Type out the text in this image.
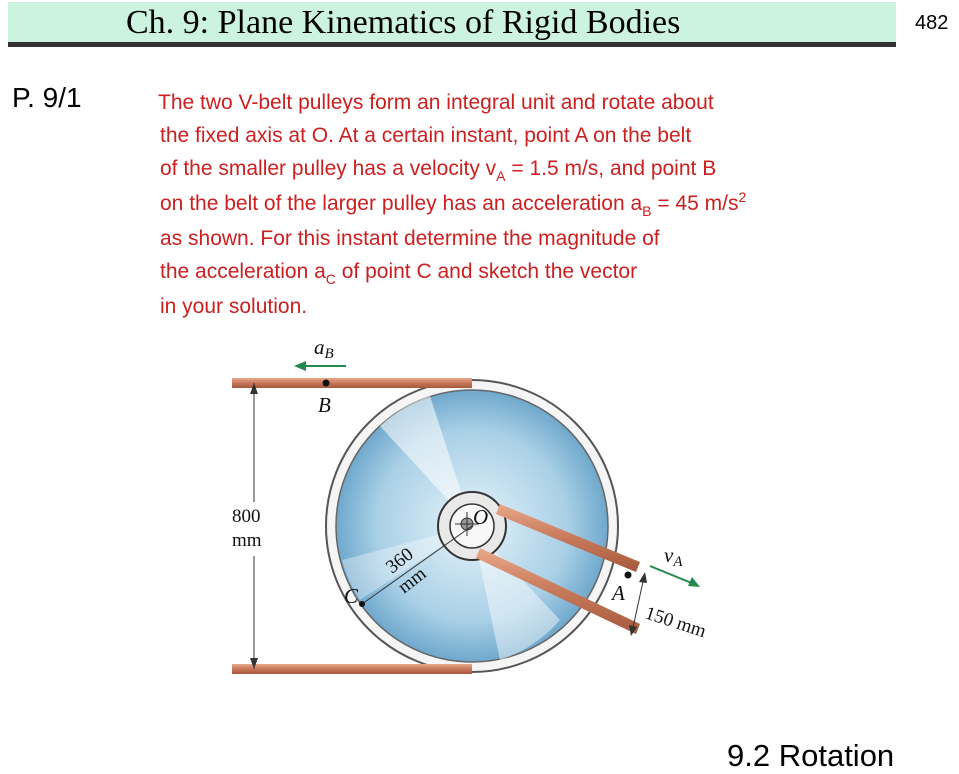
Ch. 9: Plane Kinematics of Rigid Bodies	482
P. 9/1	The two V-belt pulleys form an integral unit and rotate about
the fixed axis at O. At a certain instant, point A on the belt
of the smaller pulley has a velocity $v_A = 1.5$ m/s, and point B
on the belt of the larger pulley has an acceleration $a_B = 45$ $m/s^2$
as shown. For this instant determine the magnitude of
the acceleration $a_C$ of point C and sketch the vector
in your solution.
800
mm
C
360
mm
O
B
aB
A
vA
150 mm
9.2 Rotation
